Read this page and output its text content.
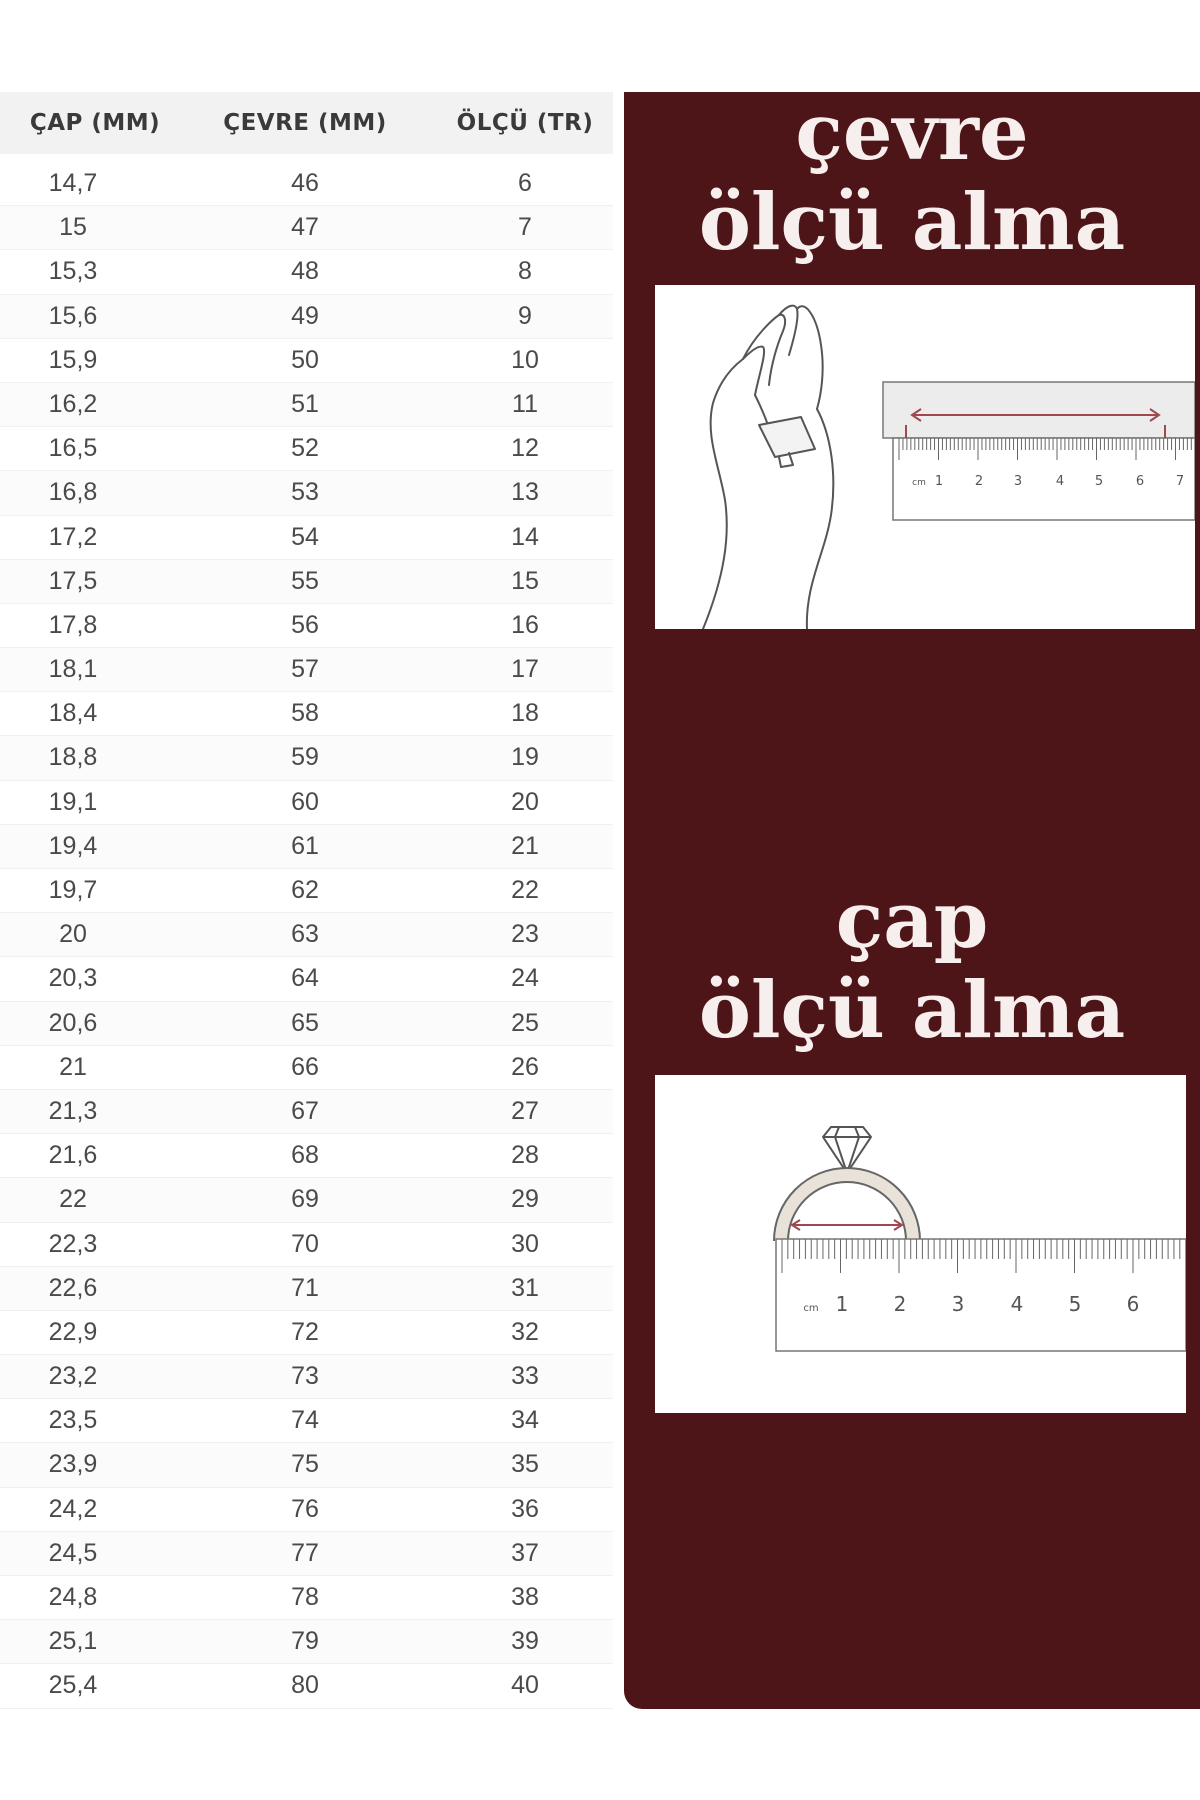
ÇAP (MM)	ÇEVRE (MM)	ÖLÇÜ (TR)
14,7	46	6
15	47	7
15,3	48	8
15,6	49	9
15,9	50	10
16,2	51	11
16,5	52	12
16,8	53	13
17,2	54	14
17,5	55	15
17,8	56	16
18,1	57	17
18,4	58	18
18,8	59	19
19,1	60	20
19,4	61	21
19,7	62	22
20	63	23
20,3	64	24
20,6	65	25
21	66	26
21,3	67	27
21,6	68	28
22	69	29
22,3	70	30
22,6	71	31
22,9	72	32
23,2	73	33
23,5	74	34
23,9	75	35
24,2	76	36
24,5	77	37
24,8	78	38
25,1	79	39
25,4	80	40
çevre
ölçü alma
cm 1 2 3	4 5	6 7
çap
ölçü alma
cm 1 2 3 4 5 6
